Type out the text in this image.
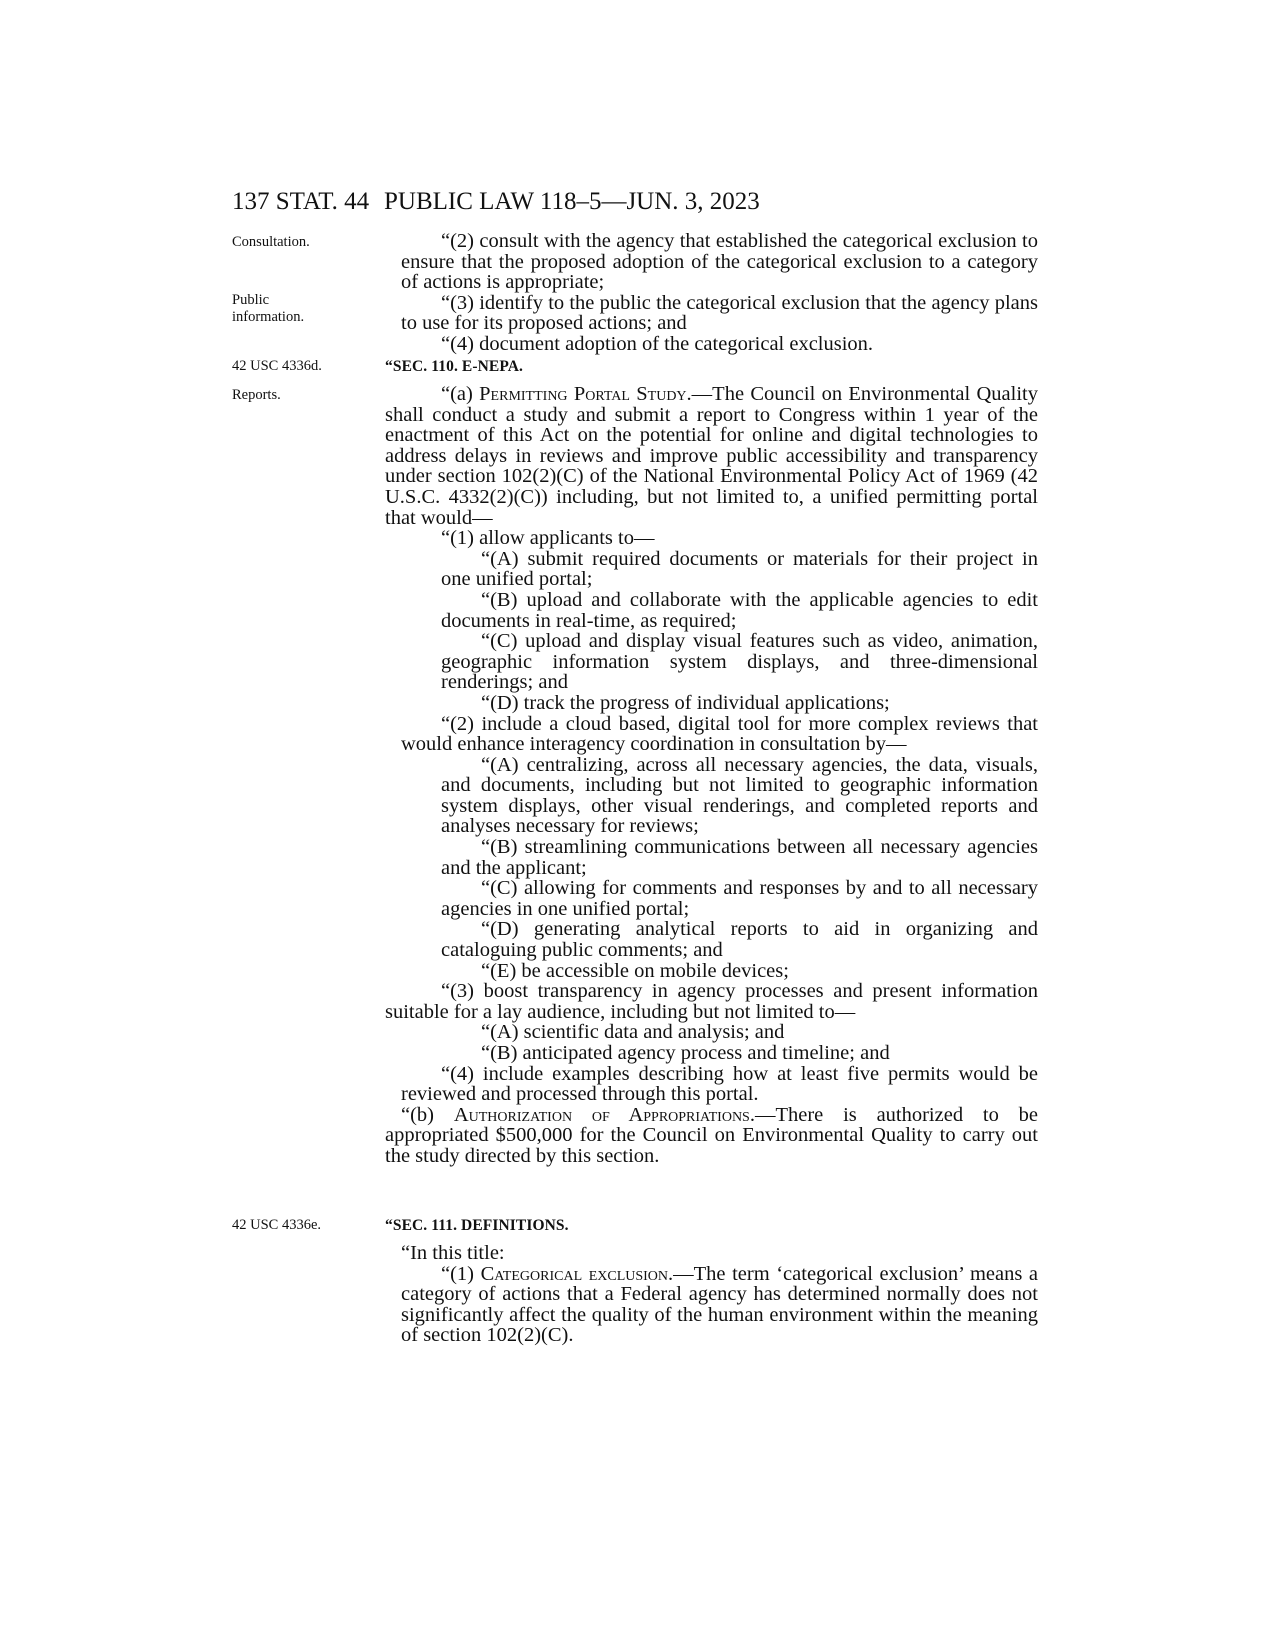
137 STAT. 44 PUBLIC LAW 118–5—JUN. 3, 2023
Consultation.
Public
information.
42 USC 4336d.
Reports.
42 USC 4336e.
“(2) consult with the agency that established the categorical exclusion to ensure that the proposed adoption of the categorical exclusion to a category of actions is appropriate;
“(3) identify to the public the categorical exclusion that the agency plans to use for its proposed actions; and
“(4) document adoption of the categorical exclusion.
“SEC. 110. E-NEPA.
“(a) Permitting Portal Study.—The Council on Environmental Quality shall conduct a study and submit a report to Congress within 1 year of the enactment of this Act on the potential for online and digital technologies to address delays in reviews and improve public accessibility and transparency under section 102(2)(C) of the National Environmental Policy Act of 1969 (42 U.S.C. 4332(2)(C)) including, but not limited to, a unified permitting portal that would—
“(1) allow applicants to—
“(A) submit required documents or materials for their project in one unified portal;
“(B) upload and collaborate with the applicable agencies to edit documents in real-time, as required;
“(C) upload and display visual features such as video, animation, geographic information system displays, and three-dimensional renderings; and
“(D) track the progress of individual applications;
“(2) include a cloud based, digital tool for more complex reviews that would enhance interagency coordination in consultation by—
“(A) centralizing, across all necessary agencies, the data, visuals, and documents, including but not limited to geographic information system displays, other visual renderings, and completed reports and analyses necessary for reviews;
“(B) streamlining communications between all necessary agencies and the applicant;
“(C) allowing for comments and responses by and to all necessary agencies in one unified portal;
“(D) generating analytical reports to aid in organizing and cataloguing public comments; and
“(E) be accessible on mobile devices;
“(3) boost transparency in agency processes and present information suitable for a lay audience, including but not limited to—
“(A) scientific data and analysis; and
“(B) anticipated agency process and timeline; and
“(4) include examples describing how at least five permits would be reviewed and processed through this portal.
“(b) Authorization of Appropriations.—There is authorized to be appropriated $500,000 for the Council on Environmental Quality to carry out the study directed by this section.
“SEC. 111. DEFINITIONS.
“In this title:
“(1) Categorical exclusion.—The term ‘categorical exclusion’ means a category of actions that a Federal agency has determined normally does not significantly affect the quality of the human environment within the meaning of section 102(2)(C).
